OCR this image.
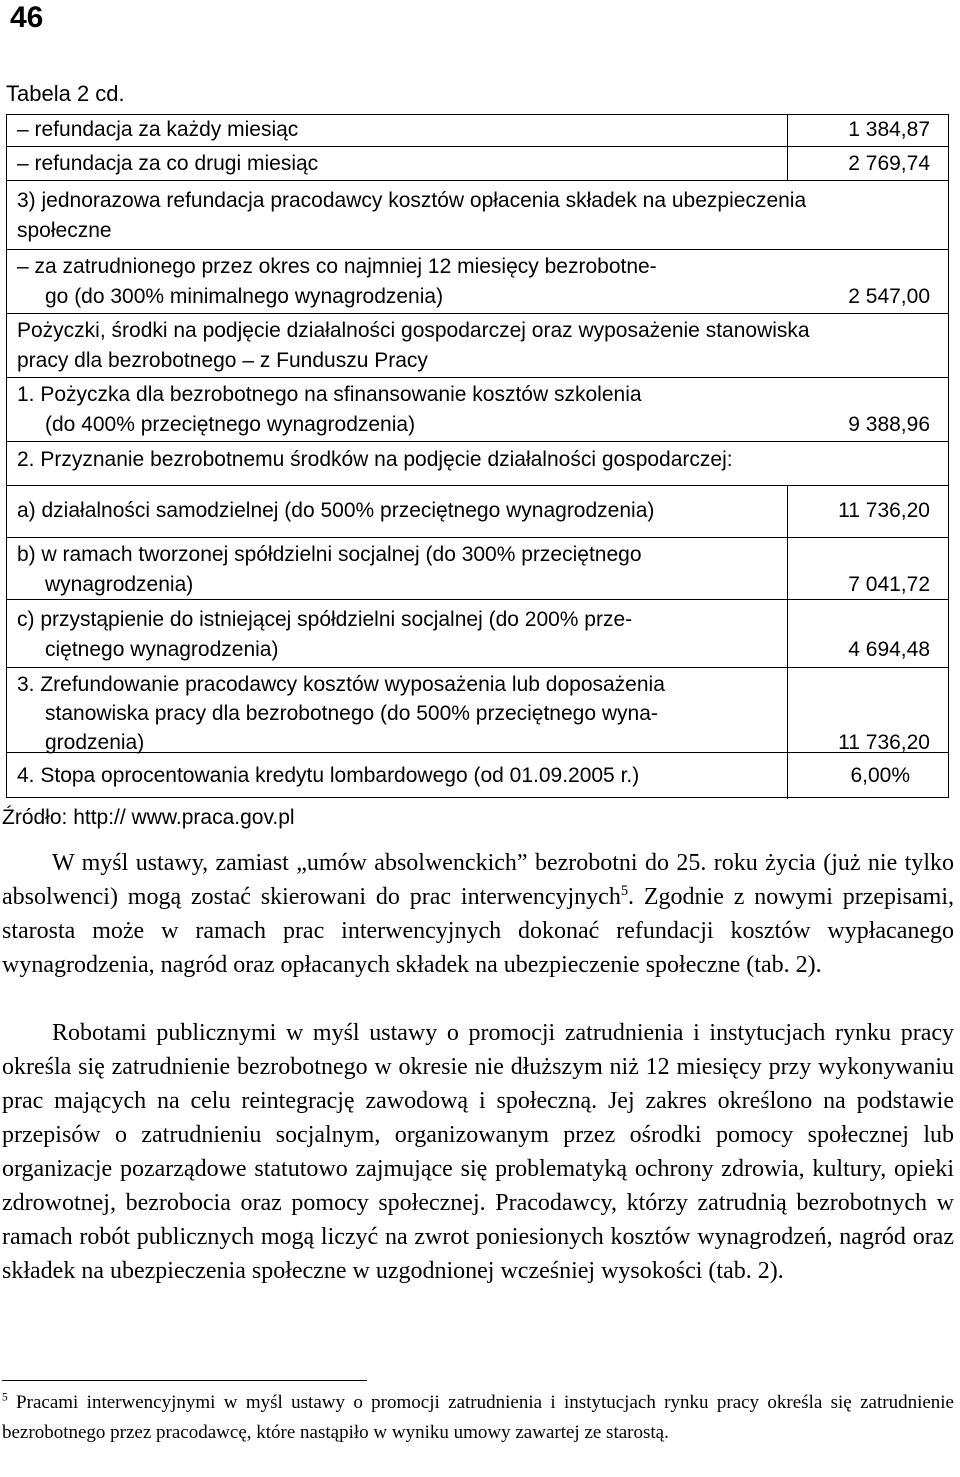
46
Tabela 2 cd.
– refundacja za każdy miesiąc	1 384,87
– refundacja za co drugi miesiąc	2 769,74
3) jednorazowa refundacja pracodawcy kosztów opłacenia składek na ubezpieczenia
społeczne
– za zatrudnionego przez okres co najmniej 12 miesięcy bezrobotne-
go (do 300% minimalnego wynagrodzenia)	2 547,00
Pożyczki, środki na podjęcie działalności gospodarczej oraz wyposażenie stanowiska
pracy dla bezrobotnego – z Funduszu Pracy
1. Pożyczka dla bezrobotnego na sfinansowanie kosztów szkolenia
(do 400% przeciętnego wynagrodzenia)	9 388,96
2. Przyznanie bezrobotnemu środków na podjęcie działalności gospodarczej:
a) działalności samodzielnej (do 500% przeciętnego wynagrodzenia)	11 736,20
b) w ramach tworzonej spółdzielni socjalnej (do 300% przeciętnego
wynagrodzenia)	7 041,72
c) przystąpienie do istniejącej spółdzielni socjalnej (do 200% prze-
ciętnego wynagrodzenia)	4 694,48
3. Zrefundowanie pracodawcy kosztów wyposażenia lub doposażenia
stanowiska pracy dla bezrobotnego (do 500% przeciętnego wyna-
grodzenia)	11 736,20
4. Stopa oprocentowania kredytu lombardowego (od 01.09.2005 r.)	6,00%
Źródło: http:// www.praca.gov.pl

W myśl ustawy, zamiast „umów absolwenckich” bezrobotni do 25. roku życia (już nie tylko absolwenci) mogą zostać skierowani do prac interwencyjnych$^5$. Zgodnie z nowymi przepisami, starosta może w ramach prac interwencyjnych dokonać refundacji kosztów wypłacanego wynagrodzenia, nagród oraz opłacanych składek na ubezpieczenie społeczne (tab. 2).

Robotami publicznymi w myśl ustawy o promocji zatrudnienia i instytucjach rynku pracy określa się zatrudnienie bezrobotnego w okresie nie dłuższym niż 12 miesięcy przy wykonywaniu prac mających na celu reintegrację zawodową i społeczną. Jej zakres określono na podstawie przepisów o zatrudnieniu socjalnym, organizowanym przez ośrodki pomocy społecznej lub organizacje pozarządowe statutowo zajmujące się problematyką ochrony zdrowia, kultury, opieki zdrowotnej, bezrobocia oraz pomocy społecznej. Pracodawcy, którzy zatrudnią bezrobotnych w ramach robót publicznych mogą liczyć na zwrot poniesionych kosztów wynagrodzeń, nagród oraz składek na ubezpieczenia społeczne w uzgodnionej wcześniej wysokości (tab. 2).

$^5$ Pracami interwencyjnymi w myśl ustawy o promocji zatrudnienia i instytucjach rynku pracy określa się zatrudnienie bezrobotnego przez pracodawcę, które nastąpiło w wyniku umowy zawartej ze starostą.
